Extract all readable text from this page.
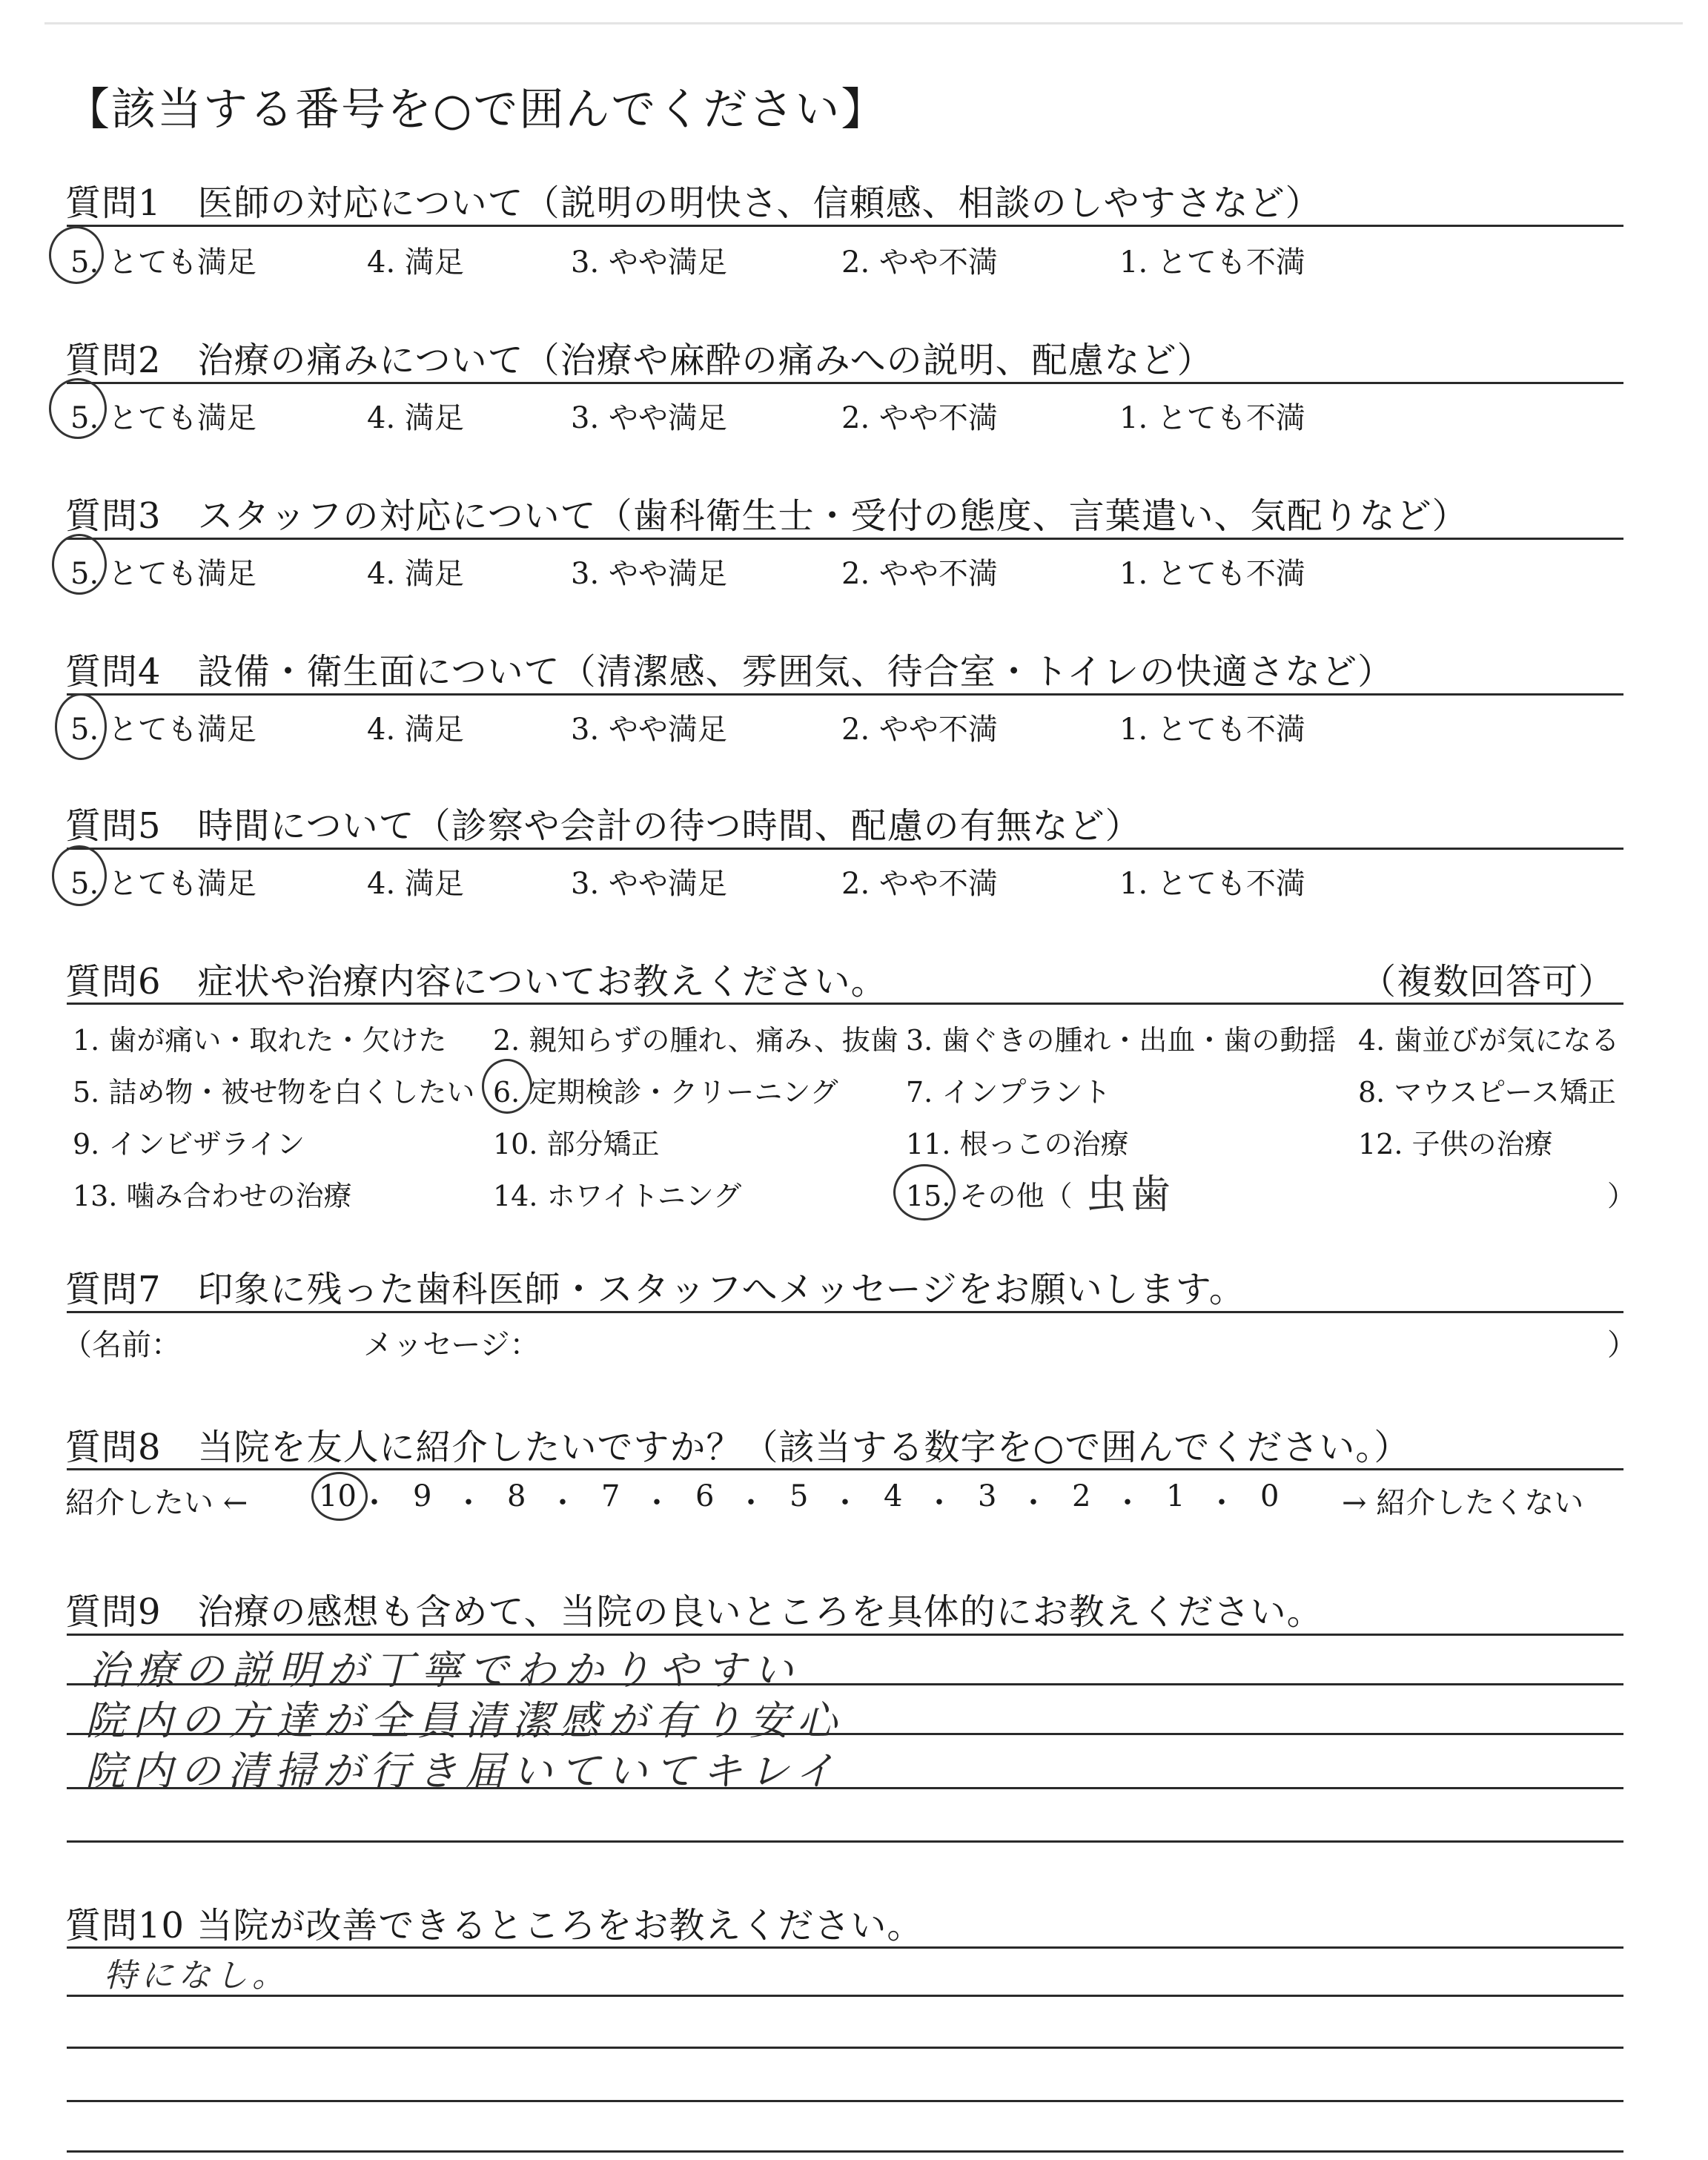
【該当する番号を○で囲んでください】
質問1　医師の対応について（説明の明快さ、信頼感、相談のしやすさなど）
5. とても満足	4. 満足	3. やや満足	2. やや不満	1. とても不満
質問2　治療の痛みについて（治療や麻酔の痛みへの説明、配慮など）
5. とても満足	4. 満足	3. やや満足	2. やや不満	1. とても不満
質問3　スタッフの対応について（歯科衛生士・受付の態度、言葉遣い、気配りなど）
5. とても満足	4. 満足	3. やや満足	2. やや不満	1. とても不満
質問4　設備・衛生面について（清潔感、雰囲気、待合室・トイレの快適さなど）
5. とても満足	4. 満足	3. やや満足	2. やや不満	1. とても不満
質問5　時間について（診察や会計の待つ時間、配慮の有無など）
5. とても満足	4. 満足	3. やや満足	2. やや不満	1. とても不満
質問6　症状や治療内容についてお教えください。	（複数回答可）
1. 歯が痛い・取れた・欠けた 2. 親知らずの腫れ、痛み、抜歯 3. 歯ぐきの腫れ・出血・歯の動揺 4. 歯並びが気になる
5. 詰め物・被せ物を白くしたい 6. 定期検診・クリーニング 7. インプラント	8. マウスピース矯正
9. インビザライン	10. 部分矯正	11. 根っこの治療	12. 子供の治療
13. 噛み合わせの治療	14. ホワイトニング	15. その他（ 虫歯	）
質問7　印象に残った歯科医師・スタッフへメッセージをお願いします。
（名前：	メッセージ：	）
質問8　当院を友人に紹介したいですか？（該当する数字を○で囲んでください。）
紹介したい ← 10 ・ 9 ・ 8 ・ 7 ・ 6 ・ 5 ・ 4 ・ 3 ・ 2 ・ 1 ・ 0 → 紹介したくない
質問9　治療の感想も含めて、当院の良いところを具体的にお教えください。
治療の説明が丁寧でわかりやすい
院内の方達が全員清潔感が有り安心
院内の清掃が行き届いていてキレイ
質問10 当院が改善できるところをお教えください。
特になし。
